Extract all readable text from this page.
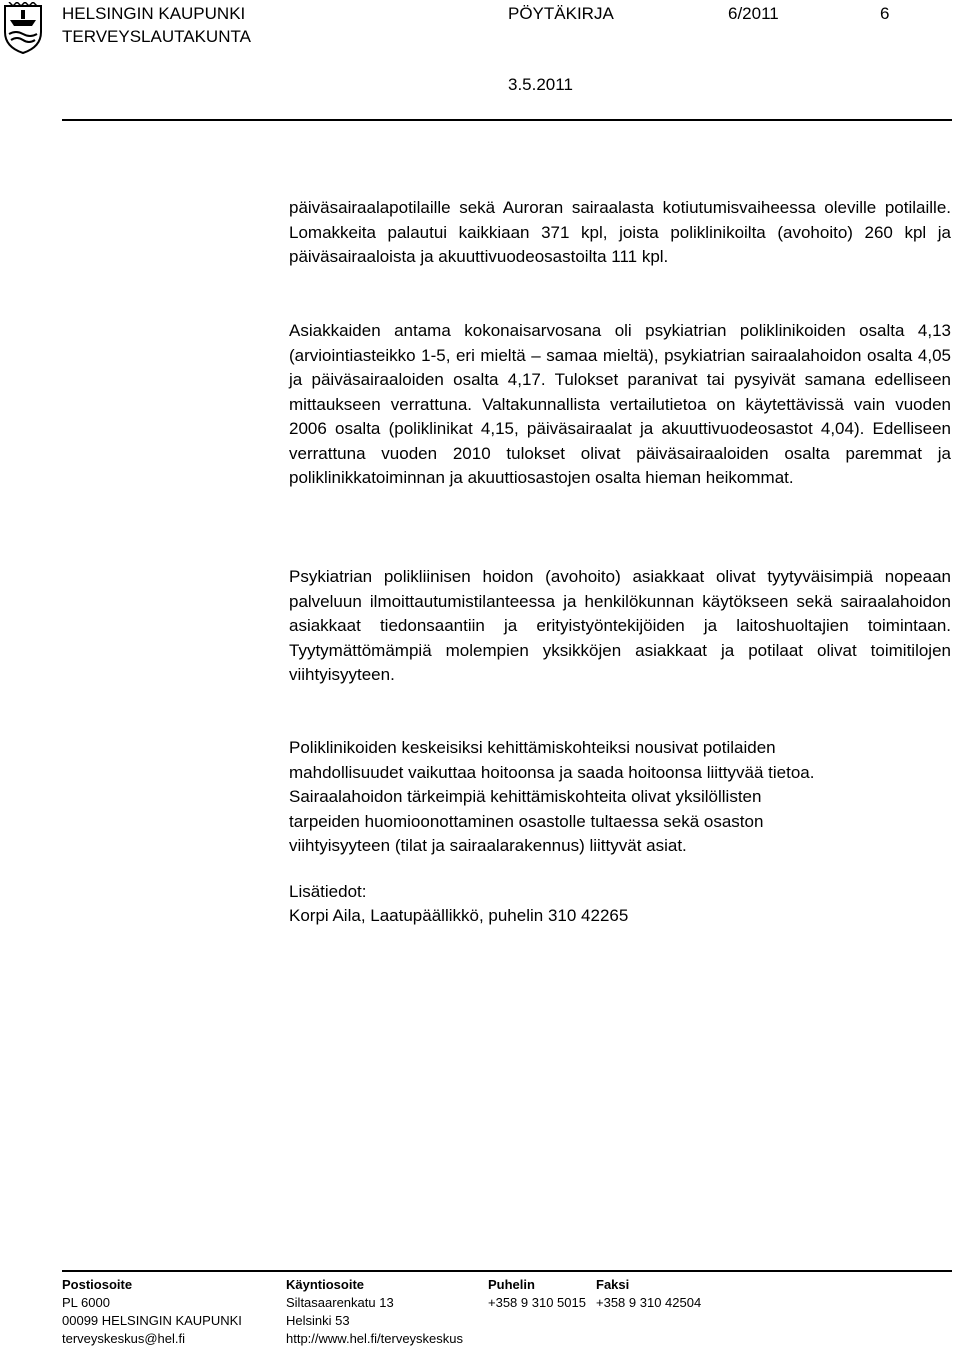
HELSINGIN KAUPUNKI
TERVEYSLAUTAKUNTA
PÖYTÄKIRJA	6/2011	6
3.5.2011

päiväsairaalapotilaille sekä Auroran sairaalasta kotiutumisvaiheessa oleville potilaille. Lomakkeita palautui kaikkiaan 371 kpl, joista poliklinikoilta (avohoito) 260 kpl ja päiväsairaaloista ja akuuttivuodeosastoilta 111 kpl.

Asiakkaiden antama kokonaisarvosana oli psykiatrian poliklinikoiden osalta 4,13 (arviointiasteikko 1-5, eri mieltä – samaa mieltä), psykiatrian sairaalahoidon osalta 4,05 ja päiväsairaaloiden osalta 4,17. Tulokset paranivat tai pysyivät samana edelliseen mittaukseen verrattuna. Valtakunnallista vertailutietoa on käytettävissä vain vuoden 2006 osalta (poliklinikat 4,15, päiväsairaalat ja akuuttivuodeosastot 4,04). Edelliseen verrattuna vuoden 2010 tulokset olivat päiväsairaaloiden osalta paremmat ja poliklinikkatoiminnan ja akuuttiosastojen osalta hieman heikommat.

Psykiatrian polikliinisen hoidon (avohoito) asiakkaat olivat tyytyväisimpiä nopeaan palveluun ilmoittautumistilanteessa ja henkilökunnan käytökseen sekä sairaalahoidon asiakkaat tiedonsaantiin ja erityistyöntekijöiden ja laitoshuoltajien toimintaan. Tyytymättömämpiä molempien yksikköjen asiakkaat ja potilaat olivat toimitilojen viihtyisyyteen.

Poliklinikoiden keskeisiksi kehittämiskohteiksi nousivat potilaiden
mahdollisuudet vaikuttaa hoitoonsa ja saada hoitoonsa liittyvää tietoa.
Sairaalahoidon tärkeimpiä kehittämiskohteita olivat yksilöllisten
tarpeiden huomioonottaminen osastolle tultaessa sekä osaston
viihtyisyyteen (tilat ja sairaalarakennus) liittyvät asiat.
Lisätiedot:
Korpi Aila, Laatupäällikkö, puhelin 310 42265
Postiosoite
PL 6000
00099 HELSINGIN KAUPUNKI
terveyskeskus@hel.fi
Käyntiosoite
Siltasaarenkatu 13
Helsinki 53
http://www.hel.fi/terveyskeskus
Puhelin
+358 9 310 5015
Faksi
+358 9 310 42504
